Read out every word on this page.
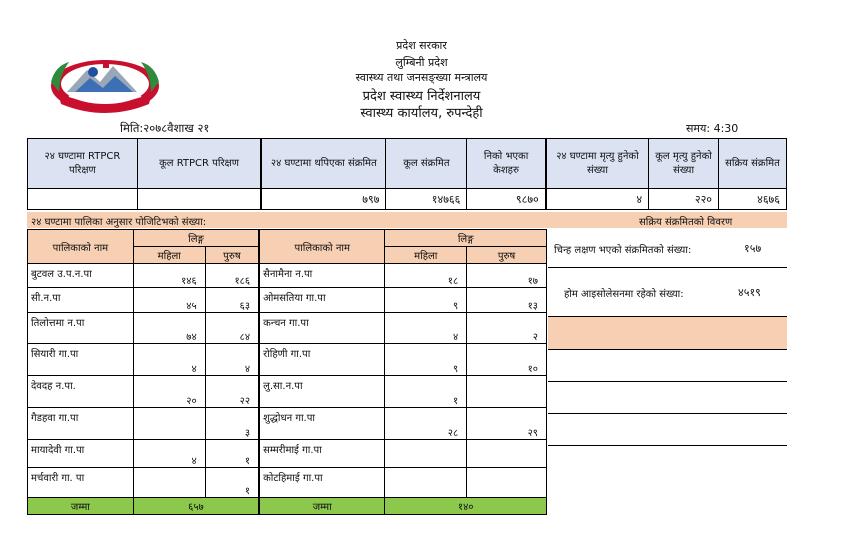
प्रदेश सरकार
लुम्बिनी प्रदेश
स्वास्थ्य तथा जनसङ्ख्या मन्त्रालय
प्रदेश स्वास्थ्य निर्देशनालय
स्वास्थ्य कार्यालय, रुपन्देही
मिति:२०७८वैशाख २१	समय: 4:30
२४ घण्टामा RTPCR परिक्षण	कूल RTPCR परिक्षण	२४ घण्टामा थपिएका संक्रमित	कूल संक्रमित	निको भएका केशहरु	२४ घण्टामा मृत्यु हुनेको संख्या	कूल मृत्यु हुनेको संख्या	सक्रिय संक्रमित
		७९७	१४७६६	९८७०	४	२२०	४६७६
२४ घण्टामा पालिका अनुसार पोजिटिभको संख्या:	सक्रिय संक्रमितको विवरण
पालिकाको नाम	लिङ्ग		पालिकाको नाम	लिङ्ग	
	महिला	पुरुष		महिला	पुरुष
बुटवल उ.प.न.पा	१४६	१८६	सैनामैना न.पा	१८	१७
सी.न.पा	४५	६३	ओमसतिया गा.पा	९	१३
तिलोत्तमा न.पा	७४	८४	कन्चन गा.पा	४	२
सियारी गा.पा	४	४	रोहिणी गा.पा	९	१०
देवदह न.पा.	२०	२२	लु.सा.न.पा	१	
गैडहवा गा.पा		३	शुद्धोधन गा.पा	२८	२९
मायादेवी गा.पा	४	१	सम्मरीमाई गा.पा		
मर्चवारी गा. पा		१	कोटहिमाई गा.पा		
जम्मा	६५७		जम्मा	१४०	
चिन्ह लक्षण भएको संक्रमितको संख्या:	१५७
होम आइसोलेसनमा रहेको संख्या:	४५१९
